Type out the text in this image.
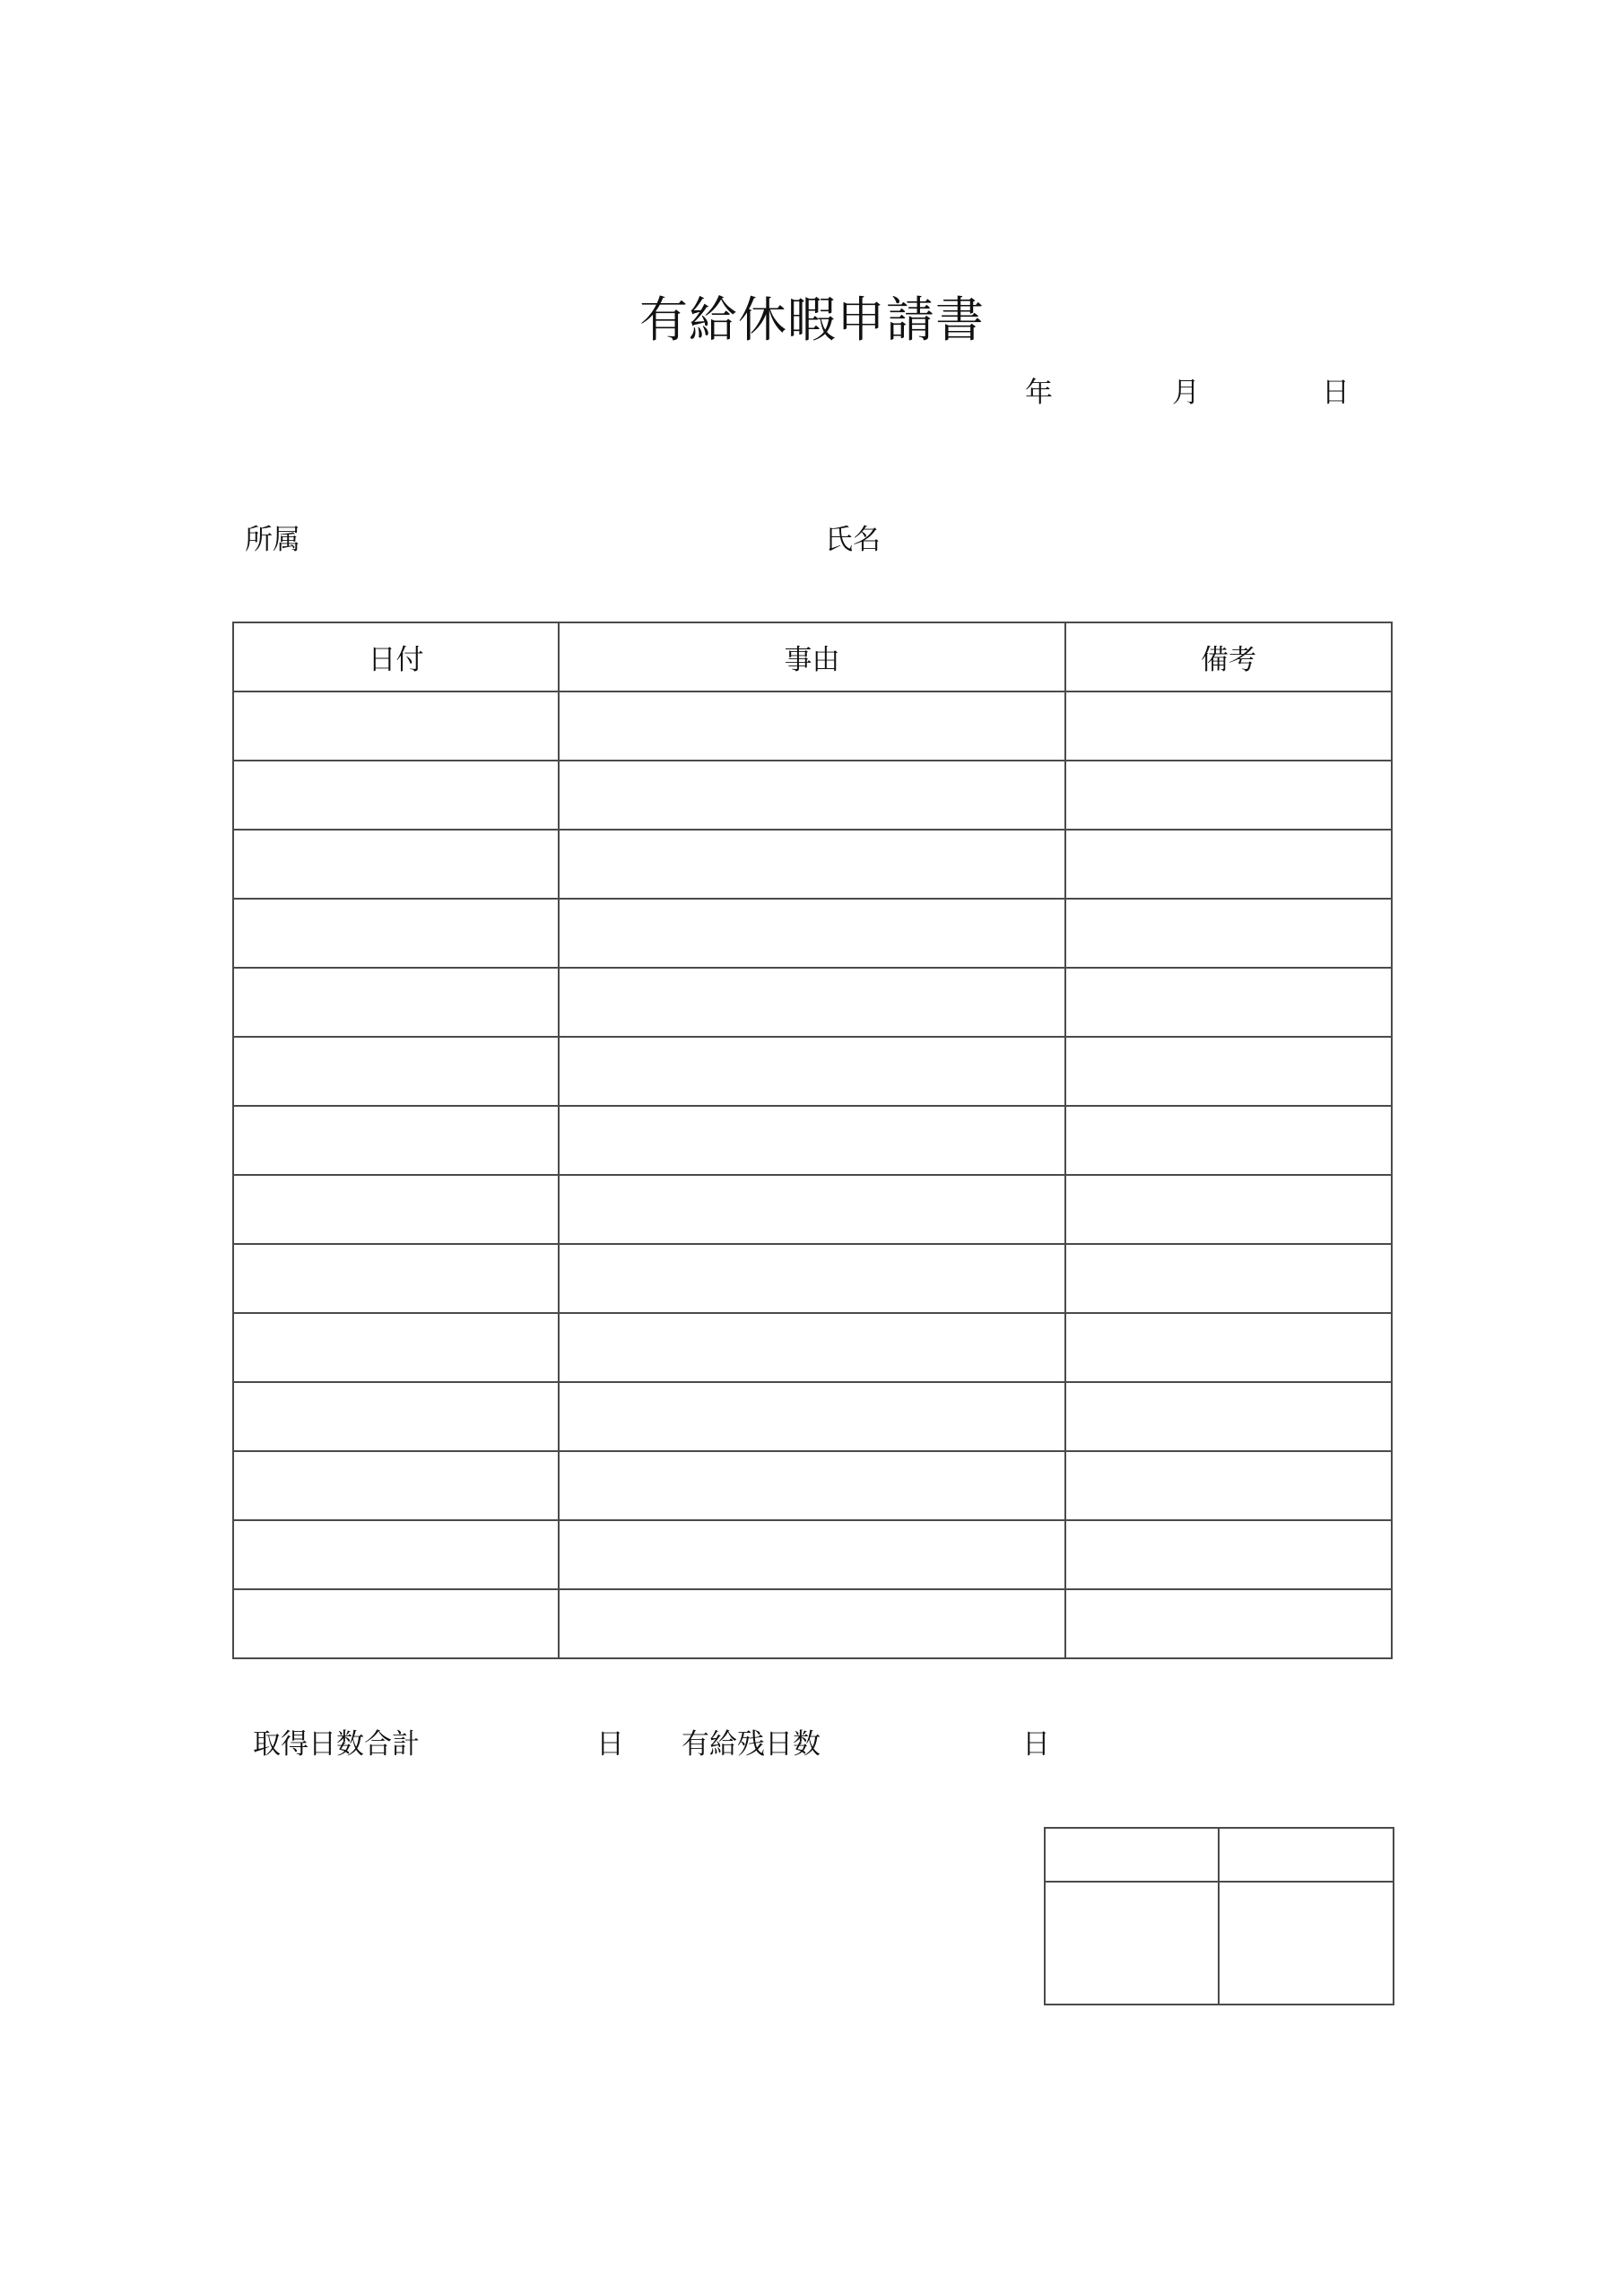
有給休暇申請書
年	月	日
所属	氏名
日付	事由	備考

取得日数合計	日 有給残日数	日
